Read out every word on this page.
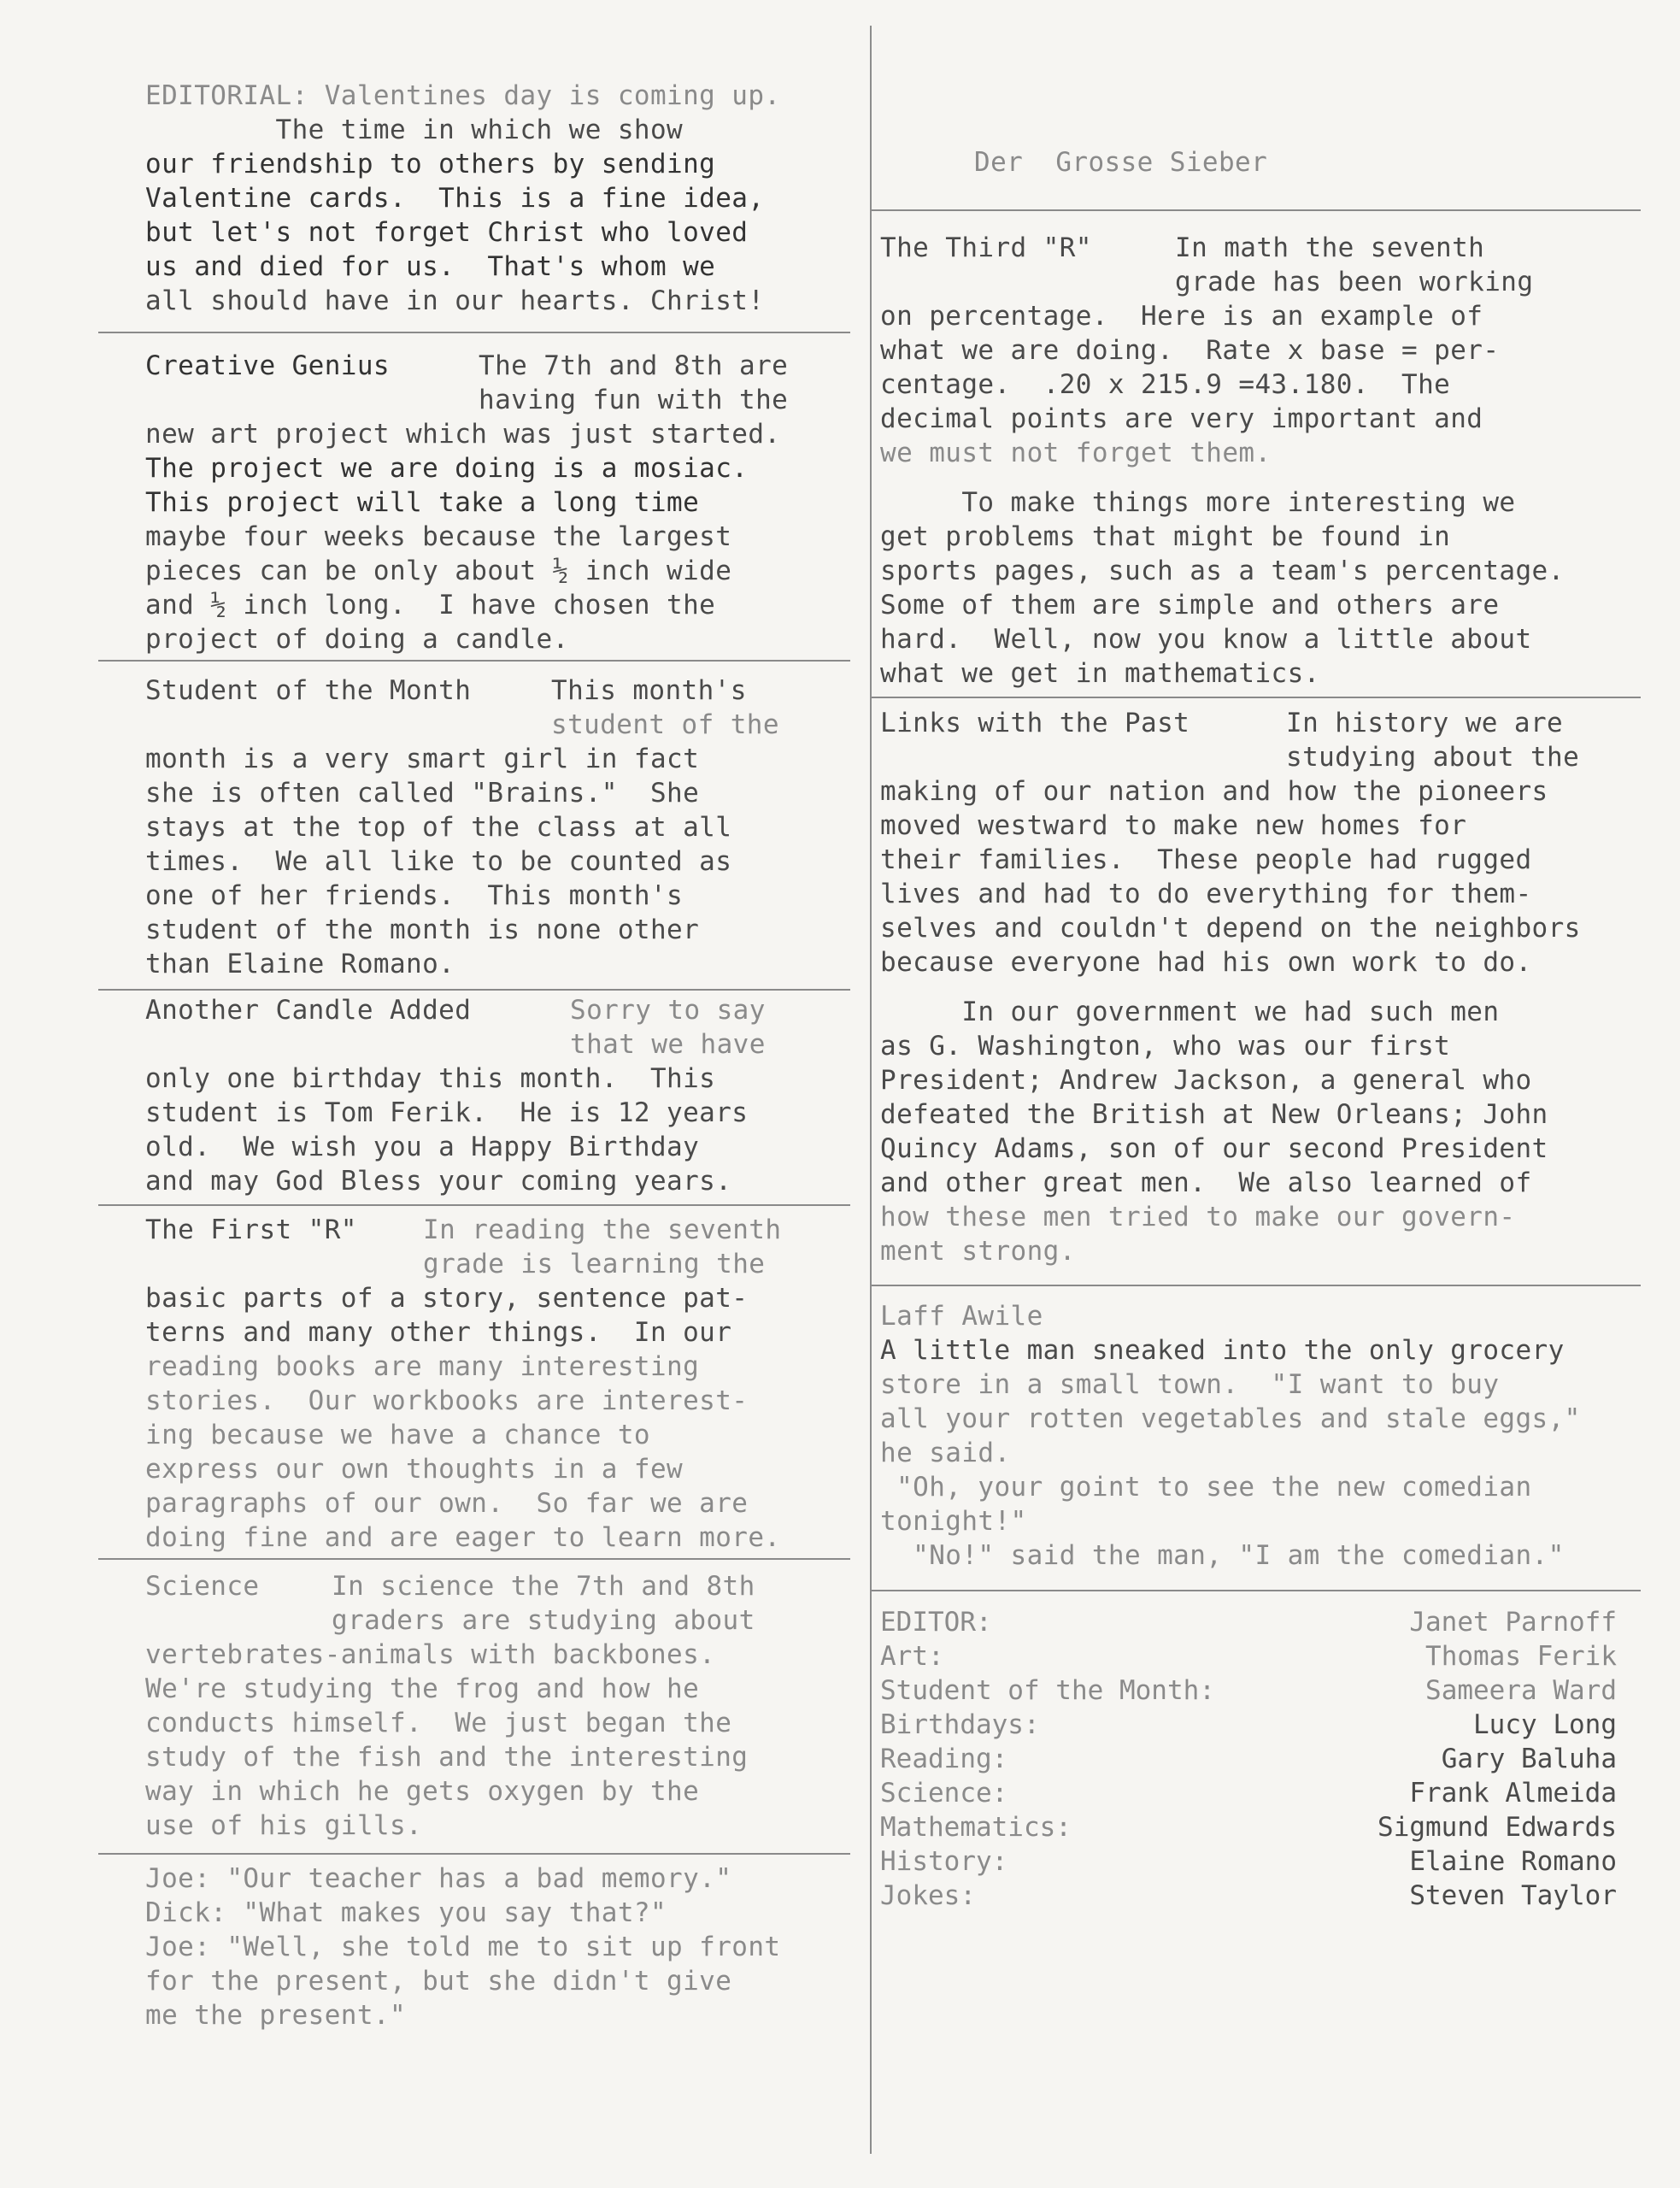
EDITORIAL: Valentines day is coming up.
The time in which we show
our friendship to others by sending
Valentine cards.  This is a fine idea,
but let's not forget Christ who loved
us and died for us.  That's whom we
all should have in our hearts. Christ!
Creative Genius	The 7th and 8th are
having fun with the
new art project which was just started.
The project we are doing is a mosiac.
This project will take a long time
maybe four weeks because the largest
pieces can be only about ½ inch wide
and ½ inch long.  I have chosen the
project of doing a candle.
Student of the Month	This month's
student of the
month is a very smart girl in fact
she is often called "Brains."  She
stays at the top of the class at all
times.  We all like to be counted as
one of her friends.  This month's
student of the month is none other
than Elaine Romano.
Another Candle Added	Sorry to say
that we have
only one birthday this month.  This
student is Tom Ferik.  He is 12 years
old.  We wish you a Happy Birthday
and may God Bless your coming years.
The First "R" In reading the seventh
grade is learning the
basic parts of a story, sentence pat-
terns and many other things.  In our
reading books are many interesting
stories.  Our workbooks are interest-
ing because we have a chance to
express our own thoughts in a few
paragraphs of our own.  So far we are
doing fine and are eager to learn more.
Science	In science the 7th and 8th
graders are studying about
vertebrates-animals with backbones.
We're studying the frog and how he
conducts himself.  We just began the
study of the fish and the interesting
way in which he gets oxygen by the
use of his gills.
Joe: "Our teacher has a bad memory."
Dick: "What makes you say that?"
Joe: "Well, she told me to sit up front
for the present, but she didn't give
me the present."
Der  Grosse Sieber
The Third "R"	In math the seventh
grade has been working
on percentage.  Here is an example of
what we are doing.  Rate x base = per-
centage.  .20 x 215.9 =43.180.  The
decimal points are very important and
we must not forget them.
To make things more interesting we
get problems that might be found in
sports pages, such as a team's percentage.
Some of them are simple and others are
hard.  Well, now you know a little about
what we get in mathematics.
Links with the Past	In history we are
studying about the
making of our nation and how the pioneers
moved westward to make new homes for
their families.  These people had rugged
lives and had to do everything for them-
selves and couldn't depend on the neighbors
because everyone had his own work to do.
In our government we had such men
as G. Washington, who was our first
President; Andrew Jackson, a general who
defeated the British at New Orleans; John
Quincy Adams, son of our second President
and other great men.  We also learned of
how these men tried to make our govern-
ment strong.
Laff Awile
A little man sneaked into the only grocery
store in a small town.  "I want to buy
all your rotten vegetables and stale eggs,"
he said.
"Oh, your goint to see the new comedian
tonight!"
"No!" said the man, "I am the comedian."
EDITOR:	Janet Parnoff
Art:	Thomas Ferik
Student of the Month:	Sameera Ward
Birthdays:	Lucy Long
Reading:	Gary Baluha
Science:	Frank Almeida
Mathematics:	Sigmund Edwards
History:	Elaine Romano
Jokes:	Steven Taylor
